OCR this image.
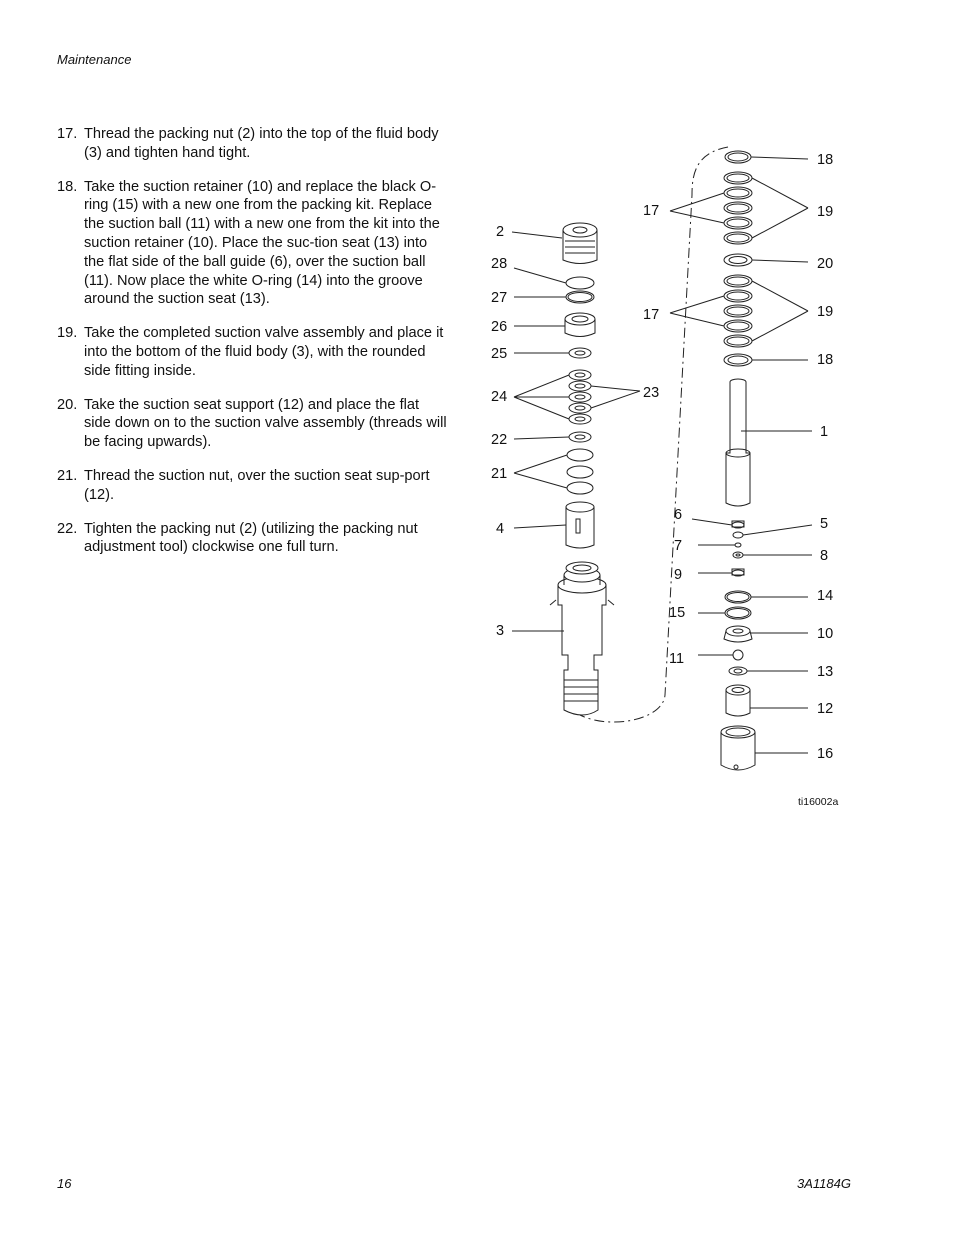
Maintenance
17. Thread the packing nut (2) into the top of the fluid body (3) and tighten hand tight.
18. Take the suction retainer (10) and replace the black O-ring (15) with a new one from the packing kit. Replace the suction ball (11) with a new one from the kit into the suction retainer (10). Place the suc-tion seat (13) into the flat side of the ball guide (6), over the suction ball (11). Now place the white O-ring (14) into the groove around the suction seat (13).
19. Take the completed suction valve assembly and place it into the bottom of the fluid body (3), with the rounded side fitting inside.
20. Take the suction seat support (12) and place the flat side down on to the suction valve assembly (threads will be facing upwards).
21. Thread the suction nut, over the suction seat sup-port (12).
22. Tighten the packing nut (2) (utilizing the packing nut adjustment tool) clockwise one full turn.
2
28
27
26
25
24
22
21
4
3
17
17
23
6
7
9
15
11
18
19
20
19
18
1
5
8
14
10
13
12
16
ti16002a
16	3A1184G
